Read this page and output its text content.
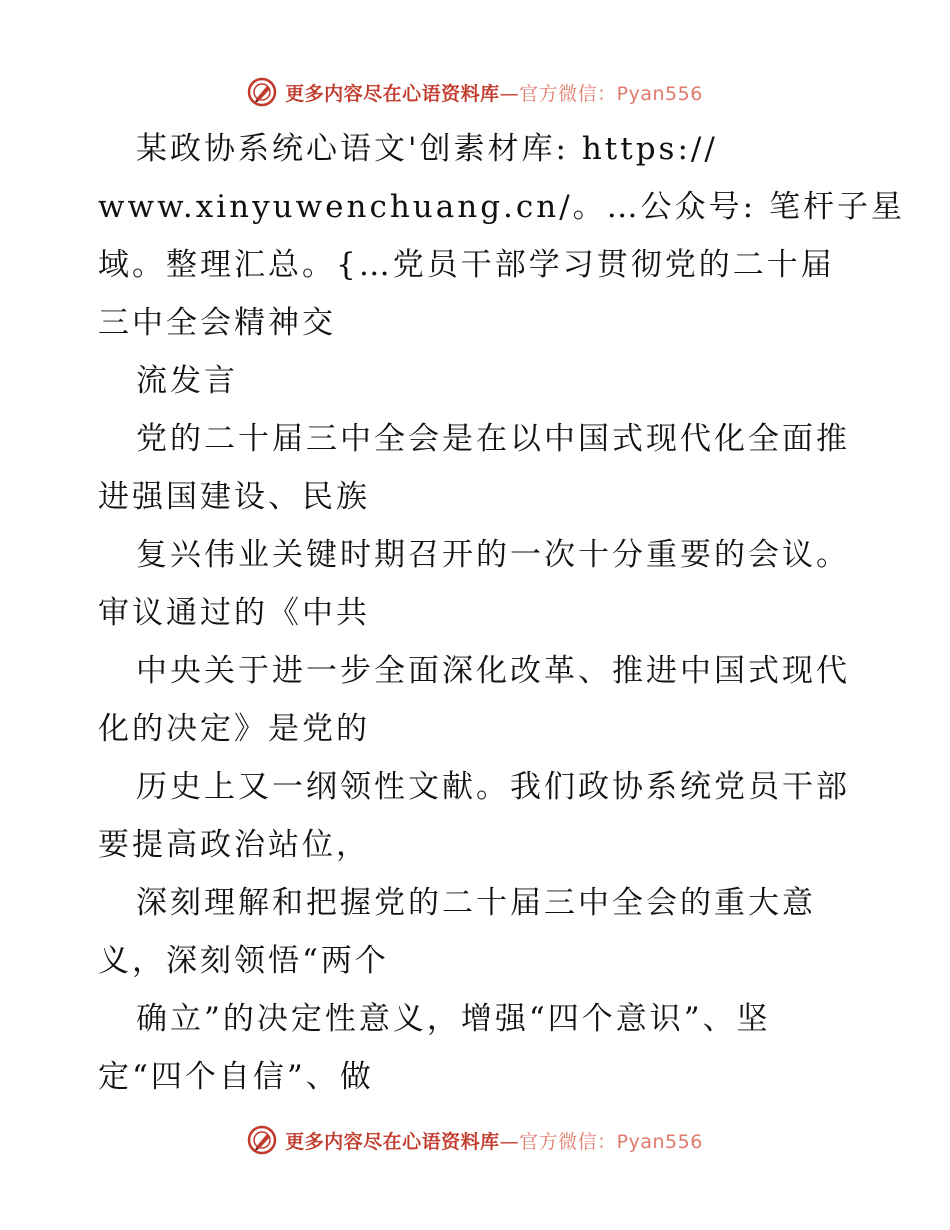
更多内容尽在心语资料库—官方微信：Pyan556
某政协系统心语文'创素材库: https://
www.xinyuwenchuang.cn/。…公众号: 笔杆子星
域。整理汇总。{…党员干部学习贯彻党的二十届
三中全会精神交
流发言
党的二十届三中全会是在以中国式现代化全面推
进强国建设、民族
复兴伟业关键时期召开的一次十分重要的会议。
审议通过的《中共
中央关于进一步全面深化改革、推进中国式现代
化的决定》是党的
历史上又一纲领性文献。我们政协系统党员干部
要提高政治站位，
深刻理解和把握党的二十届三中全会的重大意
义，深刻领悟“两个
确立”的决定性意义，增强“四个意识”、坚
定“四个自信”、做
更多内容尽在心语资料库—官方微信：Pyan556
